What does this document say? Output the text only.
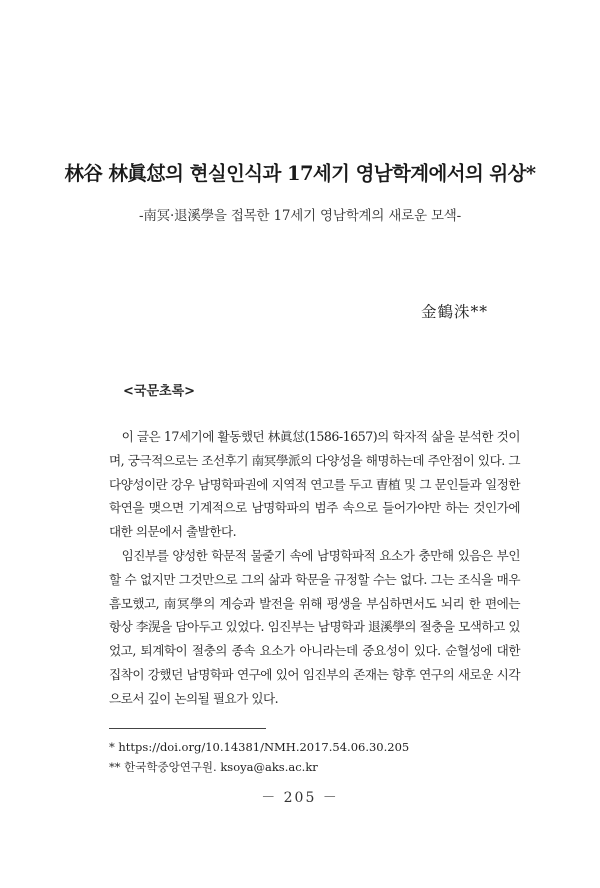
林谷 林眞怤의 현실인식과 17세기 영남학계에서의 위상*
-南冥·退溪學을 접목한 17세기 영남학계의 새로운 모색-
金鶴洙**
<국문초록>

이 글은 17세기에 활동했던 林眞怤(1586-1657)의 학자적 삶을 분석한 것이며, 궁극적으로는 조선후기 南冥學派의 다양성을 해명하는데 주안점이 있다. 그 다양성이란 강우 남명학파권에 지역적 연고를 두고 曺植 및 그 문인들과 일정한 학연을 맺으면 기계적으로 남명학파의 범주 속으로 들어가야만 하는 것인가에 대한 의문에서 출발한다.

임진부를 양성한 학문적 물줄기 속에 남명학파적 요소가 충만해 있음은 부인할 수 없지만 그것만으로 그의 삶과 학문을 규정할 수는 없다. 그는 조식을 매우 흠모했고, 南冥學의 계승과 발전을 위해 평생을 부심하면서도 뇌리 한 편에는 항상 李滉을 담아두고 있었다. 임진부는 남명학과 退溪學의 절충을 모색하고 있었고, 퇴계학이 절충의 종속 요소가 아니라는데 중요성이 있다. 순혈성에 대한 집착이 강했던 남명학파 연구에 있어 임진부의 존재는 향후 연구의 새로운 시각으로서 깊이 논의될 필요가 있다.

* https://doi.org/10.14381/NMH.2017.54.06.30.205
** 한국학중앙연구원. ksoya@aks.ac.kr
－ 205 －
